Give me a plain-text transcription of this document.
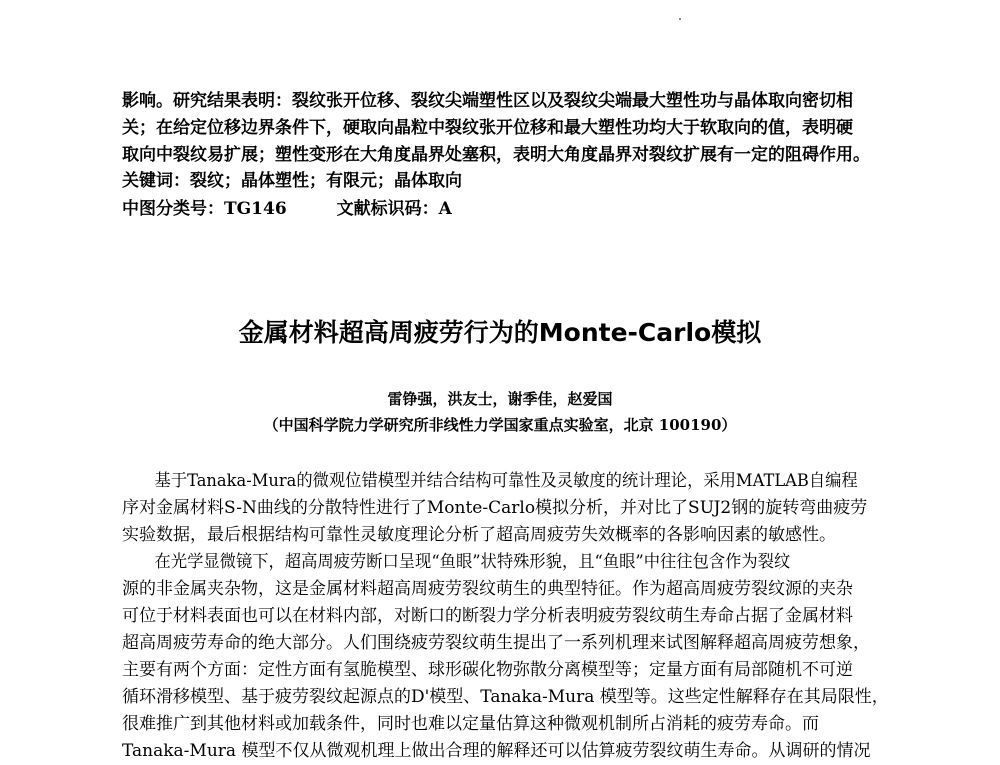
影响。研究结果表明：裂纹张开位移、裂纹尖端塑性区以及裂纹尖端最大塑性功与晶体取向密切相
关；在给定位移边界条件下，硬取向晶粒中裂纹张开位移和最大塑性功均大于软取向的值，表明硬
取向中裂纹易扩展；塑性变形在大角度晶界处塞积，表明大角度晶界对裂纹扩展有一定的阻碍作用。
关键词：裂纹；晶体塑性；有限元；晶体取向
中图分类号：TG146	文献标识码：A
金属材料超高周疲劳行为的Monte-Carlo模拟
雷铮强，洪友士，谢季佳，赵爱国
（中国科学院力学研究所非线性力学国家重点实验室，北京 100190）
基于Tanaka-Mura的微观位错模型并结合结构可靠性及灵敏度的统计理论，采用MATLAB自编程
序对金属材料S-N曲线的分散特性进行了Monte-Carlo模拟分析，并对比了SUJ2钢的旋转弯曲疲劳
实验数据，最后根据结构可靠性灵敏度理论分析了超高周疲劳失效概率的各影响因素的敏感性。
在光学显微镜下，超高周疲劳断口呈现“鱼眼”状特殊形貌，且“鱼眼”中往往包含作为裂纹
源的非金属夹杂物，这是金属材料超高周疲劳裂纹萌生的典型特征。作为超高周疲劳裂纹源的夹杂
可位于材料表面也可以在材料内部，对断口的断裂力学分析表明疲劳裂纹萌生寿命占据了金属材料
超高周疲劳寿命的绝大部分。人们围绕疲劳裂纹萌生提出了一系列机理来试图解释超高周疲劳想象，
主要有两个方面：定性方面有氢脆模型、球形碳化物弥散分离模型等；定量方面有局部随机不可逆
循环滑移模型、基于疲劳裂纹起源点的D'模型、Tanaka-Mura 模型等。这些定性解释存在其局限性，
很难推广到其他材料或加载条件，同时也难以定量估算这种微观机制所占消耗的疲劳寿命。而
Tanaka-Mura 模型不仅从微观机理上做出合理的解释还可以估算疲劳裂纹萌生寿命。从调研的情况
